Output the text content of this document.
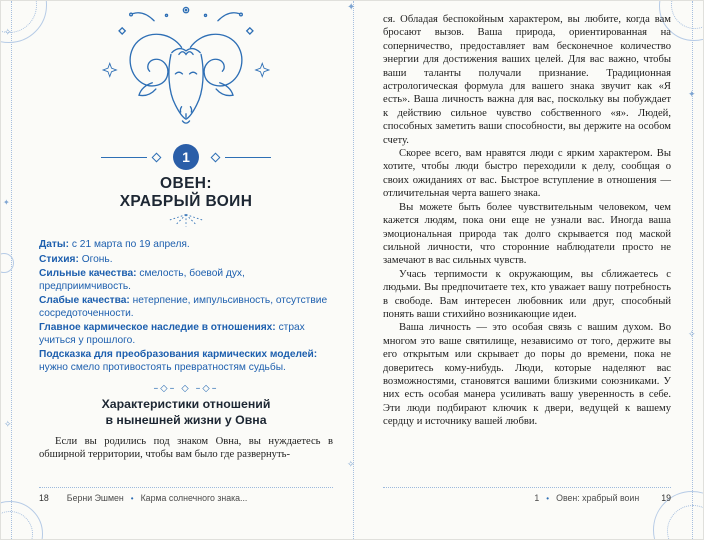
✦
✧
✧
✦
✧
✦
✧
1
ОВЕН:
ХРАБРЫЙ ВОИН
Даты: с 21 марта по 19 апреля.
Стихия: Огонь.
Сильные качества: смелость, боевой дух, предприимчивость.
Слабые качества: нетерпение, импульсивность, отсутствие сосредоточенности.
Главное кармическое наследие в отношениях: страх учиться у прошлого.
Подсказка для преобразования кармических моделей: нужно смело противостоять превратностям судьбы.
–◇– ◇ –◇–
Характеристики отношений
в нынешней жизни у Овна

Если вы родились под знаком Овна, вы нуждаетесь в обширной территории, чтобы вам было где развернуть-

18 Берни Эшмен • Карма солнечного знака...

ся. Обладая беспокойным характером, вы любите, когда вам бросают вызов. Ваша природа, ориентированная на соперничество, предоставляет вам бесконечное количество энергии для достижения ваших целей. Для вас важно, чтобы ваши таланты получали признание. Традиционная астрологическая формула для вашего знака звучит как «Я есть». Ваша личность важна для вас, поскольку вы побуждает к действию сильное чувство собственного «я». Людей, способных заметить ваши способности, вы держите на особом счету.

Скорее всего, вам нравятся люди с ярким характером. Вы хотите, чтобы люди быстро переходили к делу, сообщая о своих ожиданиях от вас. Быстрое вступление в отношения — отличительная черта вашего знака.

Вы можете быть более чувствительным человеком, чем кажется людям, пока они еще не узнали вас. Иногда ваша эмоциональная природа так долго скрывается под маской сильной личности, что сторонние наблюдатели просто не замечают в вас сильных чувств.

Учась терпимости к окружающим, вы сближаетесь с людьми. Вы предпочитаете тех, кто уважает вашу потребность в свободе. Вам интересен любовник или друг, способный понять ваши стихийно возникающие идеи.

Ваша личность — это особая связь с вашим духом. Во многом это ваше святилище, независимо от того, держите вы его открытым или скрывает до поры до времени, пока не доверитесь кому-нибудь. Люди, которые наделяют вас возможностями, становятся вашими близкими союзниками. У них есть особая манера усиливать вашу уверенность в себе. Эти люди подбирают ключик к двери, ведущей к вашему сердцу и источнику вашей любви.

1 • Овен: храбрый воин	19
